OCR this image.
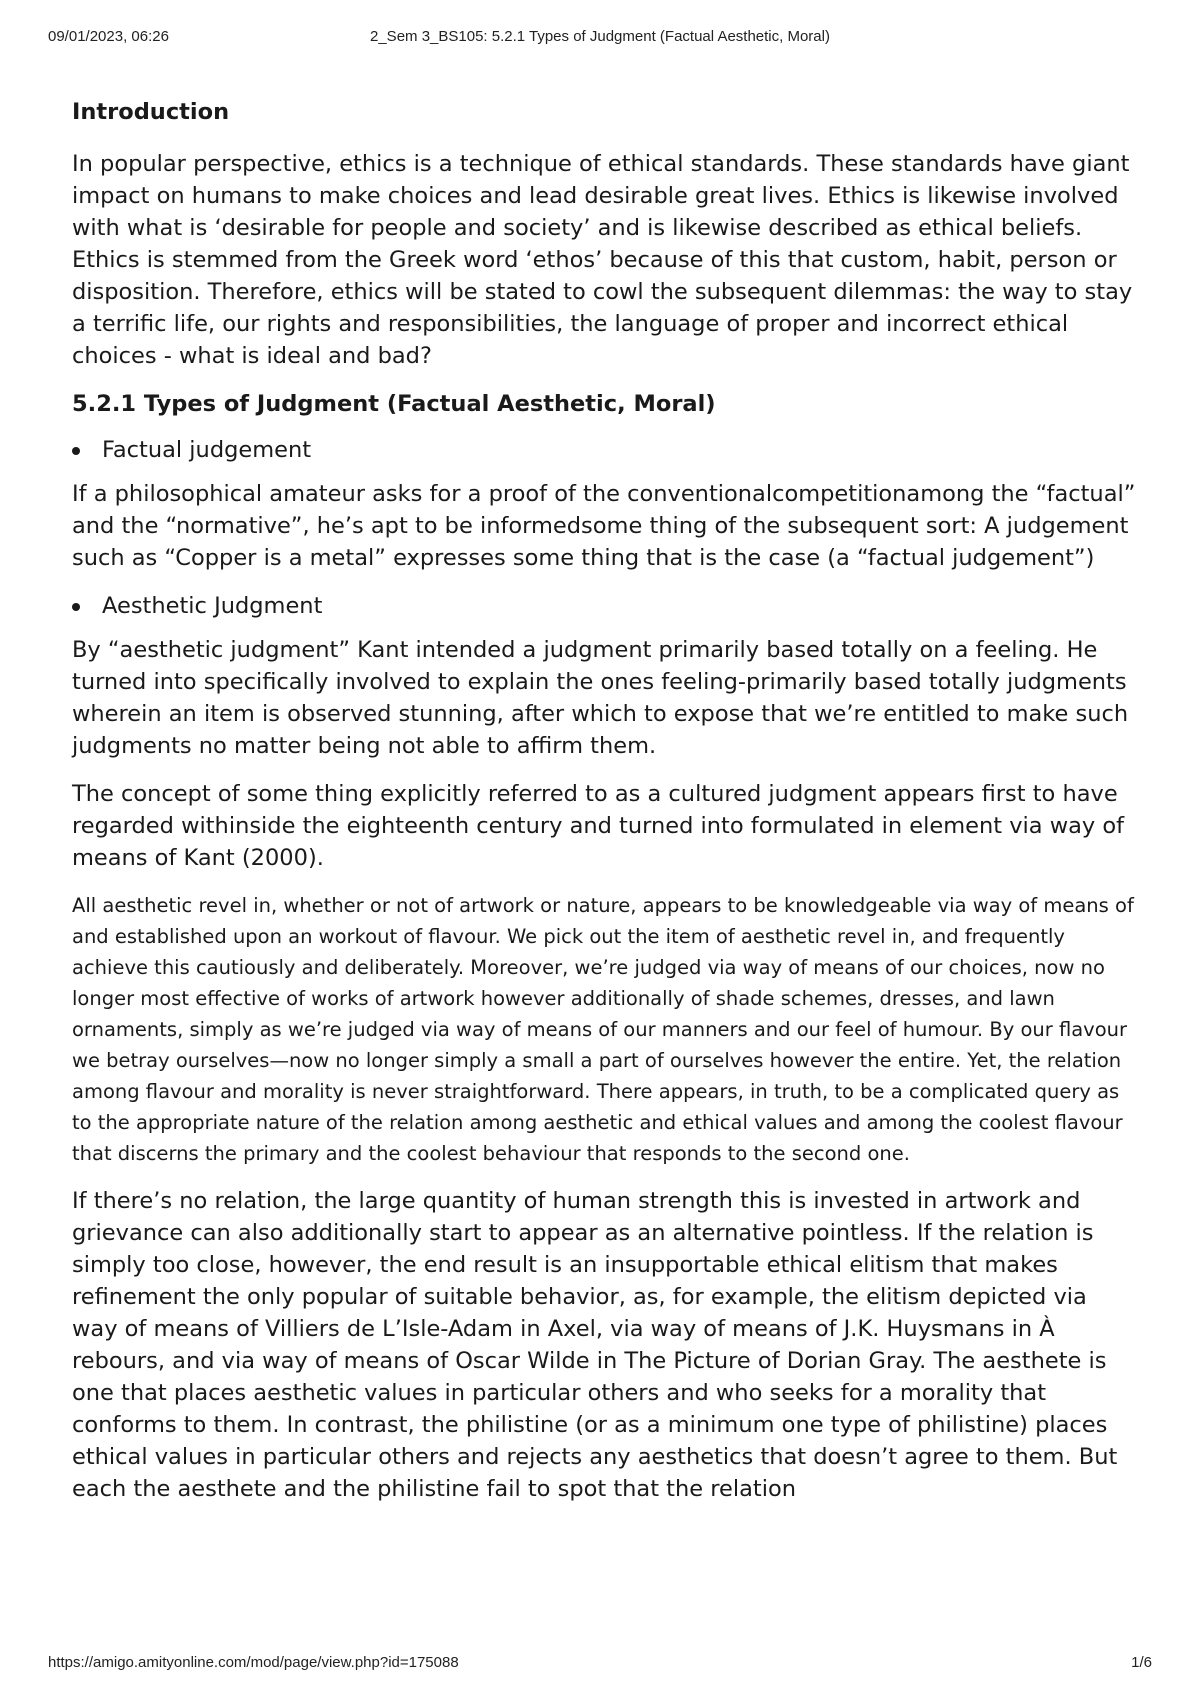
09/01/2023, 06:26	2_Sem 3_BS105: 5.2.1 Types of Judgment (Factual Aesthetic, Moral)
Introduction

In popular perspective, ethics is a technique of ethical standards. These standards have giant impact on humans to make choices and lead desirable great lives. Ethics is likewise involved with what is ‘desirable for people and society’ and is likewise described as ethical beliefs. Ethics is stemmed from the Greek word ‘ethos’ because of this that custom, habit, person or disposition. Therefore, ethics will be stated to cowl the subsequent dilemmas: the way to stay a terrific life, our rights and responsibilities, the language of proper and incorrect ethical choices - what is ideal and bad?

5.2.1 Types of Judgment (Factual Aesthetic, Moral)
Factual judgement

If a philosophical amateur asks for a proof of the conventionalcompetitionamong the “factual” and the “normative”, he’s apt to be informedsome thing of the subsequent sort: A judgement such as “Copper is a metal” expresses some thing that is the case (a “factual judgement”)

Aesthetic Judgment

By “aesthetic judgment” Kant intended a judgment primarily based totally on a feeling. He turned into specifically involved to explain the ones feeling-primarily based totally judgments wherein an item is observed stunning, after which to expose that we’re entitled to make such judgments no matter being not able to affirm them.

The concept of some thing explicitly referred to as a cultured judgment appears first to have regarded withinside the eighteenth century and turned into formulated in element via way of means of Kant (2000).

All aesthetic revel in, whether or not of artwork or nature, appears to be knowledgeable via way of means of and established upon an workout of flavour. We pick out the item of aesthetic revel in, and frequently achieve this cautiously and deliberately. Moreover, we’re judged via way of means of our choices, now no longer most effective of works of artwork however additionally of shade schemes, dresses, and lawn ornaments, simply as we’re judged via way of means of our manners and our feel of humour. By our flavour we betray ourselves—now no longer simply a small a part of ourselves however the entire. Yet, the relation among flavour and morality is never straightforward. There appears, in truth, to be a complicated query as to the appropriate nature of the relation among aesthetic and ethical values and among the coolest flavour that discerns the primary and the coolest behaviour that responds to the second one.

If there’s no relation, the large quantity of human strength this is invested in artwork and grievance can also additionally start to appear as an alternative pointless. If the relation is simply too close, however, the end result is an insupportable ethical elitism that makes refinement the only popular of suitable behavior, as, for example, the elitism depicted via way of means of Villiers de L’Isle-Adam in Axel, via way of means of J.K. Huysmans in À rebours, and via way of means of Oscar Wilde in The Picture of Dorian Gray. The aesthete is one that places aesthetic values in particular others and who seeks for a morality that conforms to them. In contrast, the philistine (or as a minimum one type of philistine) places ethical values in particular others and rejects any aesthetics that doesn’t agree to them. But each the aesthete and the philistine fail to spot that the relation

https://amigo.amityonline.com/mod/page/view.php?id=175088	1/6
